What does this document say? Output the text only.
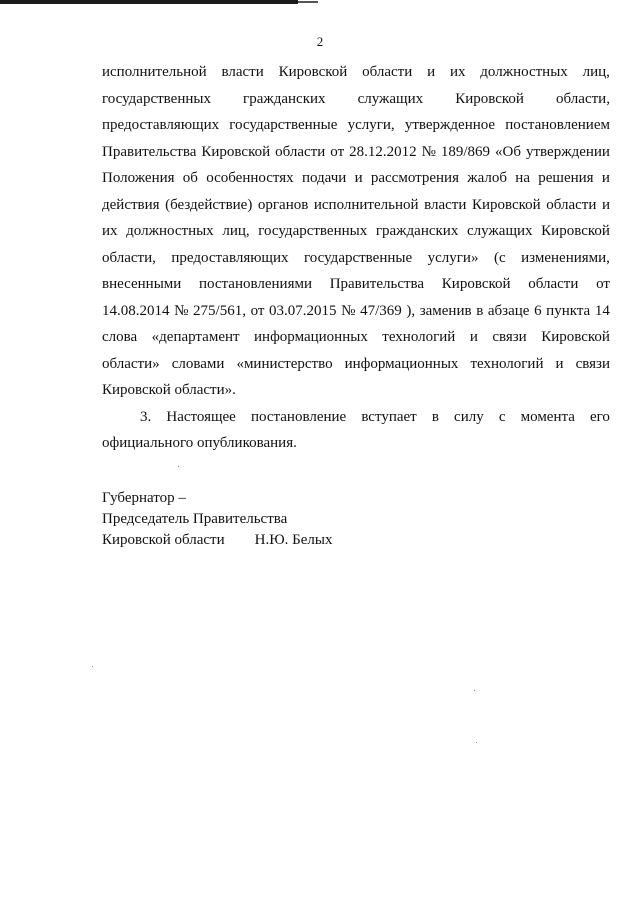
2
исполнительной власти Кировской области и их должностных лиц,
государственных гражданских служащих Кировской области,
предоставляющих государственные услуги, утвержденное постановлением
Правительства Кировской области от 28.12.2012 № 189/869 «Об утверждении
Положения об особенностях подачи и рассмотрения жалоб на решения и
действия (бездействие) органов исполнительной власти Кировской области и
их должностных лиц, государственных гражданских служащих Кировской
области, предоставляющих государственные услуги» (с изменениями,
внесенными постановлениями Правительства Кировской области от
14.08.2014 № 275/561, от 03.07.2015 № 47/369 ), заменив в абзаце 6 пункта 14
слова «департамент информационных технологий и связи Кировской
области» словами «министерство информационных технологий и связи
Кировской области».
3. Настоящее постановление вступает в силу с момента его
официального опубликования.
Губернатор –
Председатель Правительства
Кировской области Н.Ю. Белых
